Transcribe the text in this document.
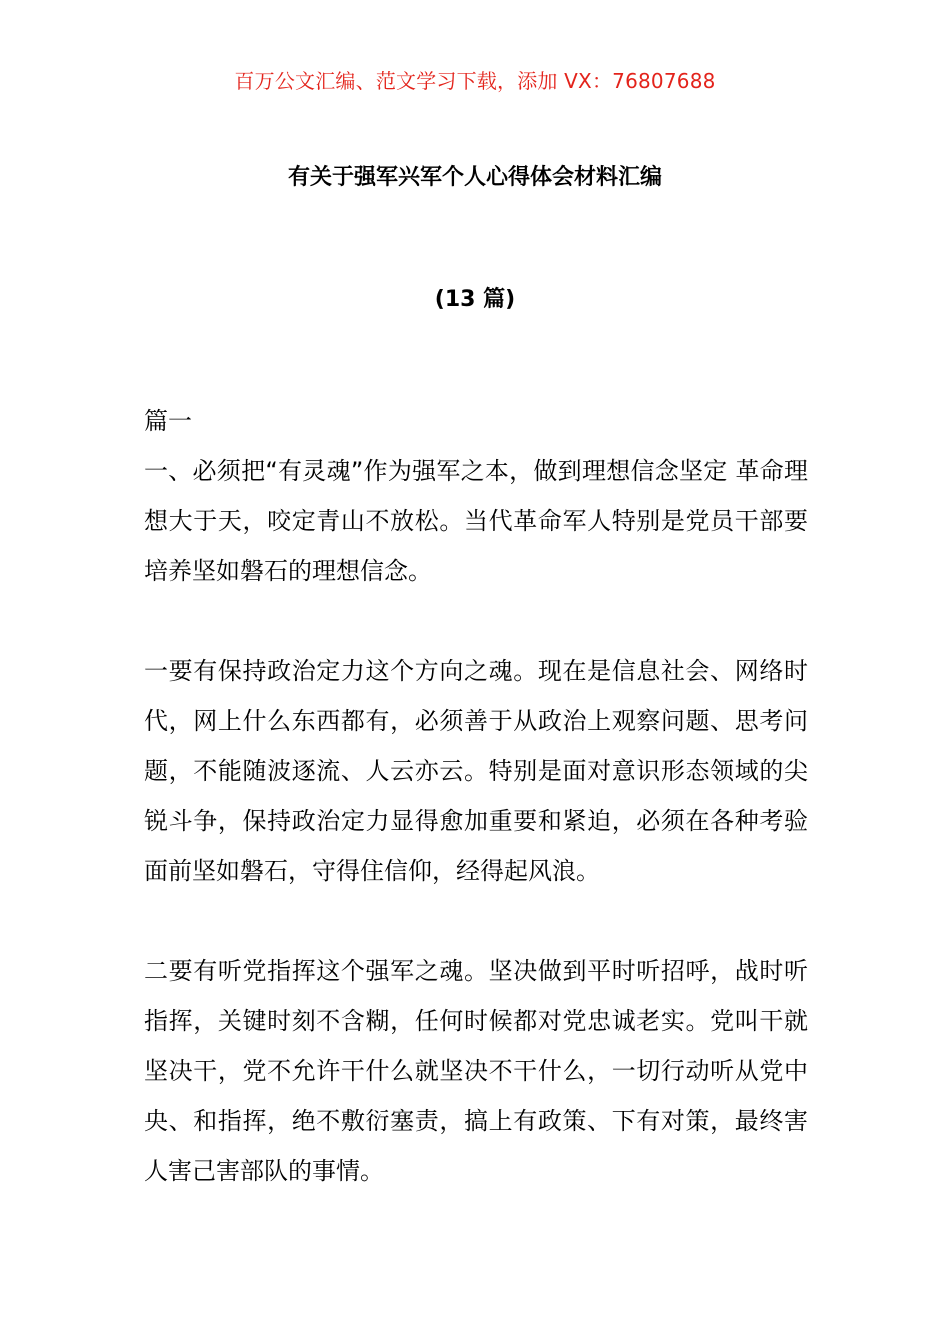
百万公文汇编、范文学习下载，添加 VX：76807688
有关于强军兴军个人心得体会材料汇编
(13 篇)

篇一

一、必须把“有灵魂”作为强军之本，做到理想信念坚定 革命理想大于天，咬定青山不放松。当代革命军人特别是党员干部要培养坚如磐石的理想信念。

一要有保持政治定力这个方向之魂。现在是信息社会、网络时代，网上什么东西都有，必须善于从政治上观察问题、思考问题，不能随波逐流、人云亦云。特别是面对意识形态领域的尖锐斗争，保持政治定力显得愈加重要和紧迫，必须在各种考验面前坚如磐石，守得住信仰，经得起风浪。

二要有听党指挥这个强军之魂。坚决做到平时听招呼，战时听指挥，关键时刻不含糊，任何时候都对党忠诚老实。党叫干就坚决干，党不允许干什么就坚决不干什么，一切行动听从党中央、和指挥，绝不敷衍塞责，搞上有政策、下有对策，最终害人害己害部队的事情。
